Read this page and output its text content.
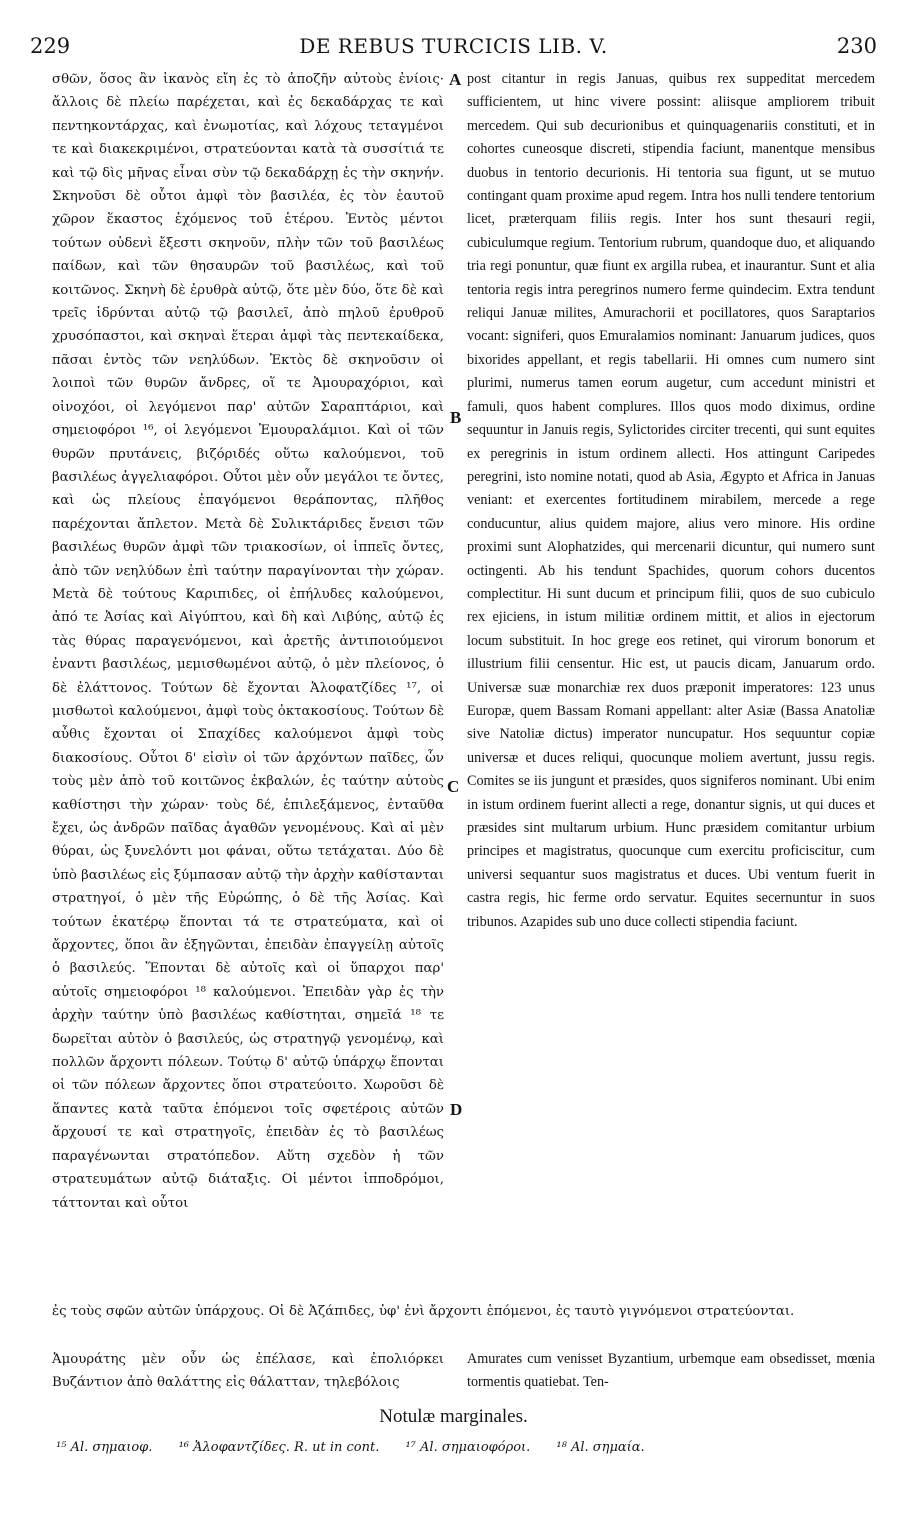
229	DE REBUS TURCICIS LIB. V.	230

σθῶν, ὅσος ἂν ἱκανὸς εἴη ἐς τὸ ἀποζῆν αὐτοὺς ἐνίοις· ἄλλοις δὲ πλείω παρέχεται, καὶ ἐς δεκαδάρχας τε καὶ πεντηκοντάρχας, καὶ ἐνωμοτίας, καὶ λόχους τεταγμένοι τε καὶ διακεκριμένοι, στρατεύονται κατὰ τὰ συσσίτιά τε καὶ τῷ δὶς μῆνας εἶναι σὺν τῷ δεκαδάρχῃ ἐς τὴν σκηνήν. Σκηνοῦσι δὲ οὗτοι ἀμφὶ τὸν βασιλέα, ἐς τὸν ἑαυτοῦ χῶρον ἕκαστος ἐχόμενος τοῦ ἑτέρου. Ἐντὸς μέντοι τούτων οὐδενὶ ἔξεστι σκηνοῦν, πλὴν τῶν τοῦ βασιλέως παίδων, καὶ τῶν θησαυρῶν τοῦ βασιλέως, καὶ τοῦ κοιτῶνος. Σκηνὴ δὲ ἐρυθρὰ αὐτῷ, ὅτε μὲν δύο, ὅτε δὲ καὶ τρεῖς ἱδρύνται αὐτῷ τῷ βασιλεῖ, ἀπὸ πηλοῦ ἐρυθροῦ χρυσόπαστοι, καὶ σκηναὶ ἕτεραι ἀμφὶ τὰς πεντεκαίδεκα, πᾶσαι ἐντὸς τῶν νεηλύδων. Ἐκτὸς δὲ σκηνοῦσιν οἱ λοιποὶ τῶν θυρῶν ἄνδρες, οἵ τε Ἀμουραχόριοι, καὶ οἰνοχόοι, οἱ λεγόμενοι παρ' αὐτῶν Σαραπτάριοι, καὶ σημειοφόροι ¹⁶, οἱ λεγόμενοι Ἐμουραλάμιοι. Καὶ οἱ τῶν θυρῶν πρυτάνεις, βιζόριδές οὕτω καλούμενοι, τοῦ βασιλέως ἀγγελιαφόροι. Οὗτοι μὲν οὖν μεγάλοι τε ὄντες, καὶ ὡς πλείους ἐπαγόμενοι θεράποντας, πλῆθος παρέχονται ἄπλετον. Μετὰ δὲ Συλικτάριδες ἔνεισι τῶν βασιλέως θυρῶν ἀμφὶ τῶν τριακοσίων, οἱ ἱππεῖς ὄντες, ἀπὸ τῶν νεηλύδων ἐπὶ ταύτην παραγίνονται τὴν χώραν. Μετὰ δὲ τούτους Καριπιδες, οἱ ἐπήλυδες καλούμενοι, ἀπό τε Ἀσίας καὶ Αἰγύπτου, καὶ δὴ καὶ Λιβύης, αὐτῷ ἐς τὰς θύρας παραγενόμενοι, καὶ ἀρετῆς ἀντιποιούμενοι ἐναντι βασιλέως, μεμισθωμένοι αὐτῷ, ὁ μὲν πλείονος, ὁ δὲ ἐλάττονος. Τούτων δὲ ἔχονται Ἀλοφατζίδες ¹⁷, οἱ μισθωτοὶ καλούμενοι, ἀμφὶ τοὺς ὀκτακοσίους. Τούτων δὲ αὖθις ἔχονται οἱ Σπαχίδες καλούμενοι ἀμφὶ τοὺς διακοσίους. Οὗτοι δ' εἰσὶν οἱ τῶν ἀρχόντων παῖδες, ὧν τοὺς μὲν ἀπὸ τοῦ κοιτῶνος ἐκβαλών, ἐς ταύτην αὐτοὺς καθίστησι τὴν χώραν· τοὺς δέ, ἐπιλεξάμενος, ἐνταῦθα ἔχει, ὡς ἀνδρῶν παῖδας ἀγαθῶν γενομένους. Καὶ αἱ μὲν θύραι, ὡς ξυνελόντι μοι φάναι, οὕτω τετάχαται. Δύο δὲ ὑπὸ βασιλέως εἰς ξύμπασαν αὐτῷ τὴν ἀρχὴν καθίστανται στρατηγοί, ὁ μὲν τῆς Εὐρώπης, ὁ δὲ τῆς Ἀσίας. Καὶ τούτων ἑκατέρῳ ἕπονται τά τε στρατεύματα, καὶ οἱ ἄρχοντες, ὅποι ἂν ἐξηγῶνται, ἐπειδὰν ἐπαγγείλῃ αὐτοῖς ὁ βασιλεύς. Ἕπονται δὲ αὐτοῖς καὶ οἱ ὕπαρχοι παρ' αὐτοῖς σημειοφόροι ¹⁸ καλούμενοι. Ἐπειδὰν γὰρ ἐς τὴν ἀρχὴν ταύτην ὑπὸ βασιλέως καθίστηται, σημεῖά ¹⁸ τε δωρεῖται αὐτὸν ὁ βασιλεύς, ὡς στρατηγῷ γενομένῳ, καὶ πολλῶν ἄρχοντι πόλεων. Τούτῳ δ' αὐτῷ ὑπάρχῳ ἕπονται οἱ τῶν πόλεων ἄρχοντες ὅποι στρατεύοιτο. Χωροῦσι δὲ ἅπαντες κατὰ ταῦτα ἑπόμενοι τοῖς σφετέροις αὐτῶν ἄρχουσί τε καὶ στρατηγοῖς, ἐπειδὰν ἐς τὸ βασιλέως παραγένωνται στρατόπεδον. Αὕτη σχεδὸν ἡ τῶν στρατευμάτων αὐτῷ διάταξις. Οἱ μέντοι ἱπποδρόμοι, τάττονται καὶ οὗτοι

A
B
C
D

post citantur in regis Januas, quibus rex suppeditat mercedem sufficientem, ut hinc vivere possint: aliisque ampliorem tribuit mercedem. Qui sub decurionibus et quinquagenariis constituti, et in cohortes cuneosque discreti, stipendia faciunt, manentque mensibus duobus in tentorio decurionis. Hi tentoria sua figunt, ut se mutuo contingant quam proxime apud regem. Intra hos nulli tendere tentorium licet, præterquam filiis regis. Inter hos sunt thesauri regii, cubiculumque regium. Tentorium rubrum, quandoque duo, et aliquando tria regi ponuntur, quæ fiunt ex argilla rubea, et inaurantur. Sunt et alia tentoria regis intra peregrinos numero ferme quindecim. Extra tendunt reliqui Januæ milites, Amurachorii et pocillatores, quos Saraptarios vocant: signiferi, quos Emuralamios nominant: Januarum judices, quos bixorides appellant, et regis tabellarii. Hi omnes cum numero sint plurimi, numerus tamen eorum augetur, cum accedunt ministri et famuli, quos habent complures. Illos quos modo diximus, ordine sequuntur in Januis regis, Sylictorides circiter trecenti, qui sunt equites ex peregrinis in istum ordinem allecti. Hos attingunt Caripedes peregrini, isto nomine notati, quod ab Asia, Ægypto et Africa in Januas veniant: et exercentes fortitudinem mirabilem, mercede a rege conducuntur, alius quidem majore, alius vero minore. His ordine proximi sunt Alophatzides, qui mercenarii dicuntur, qui numero sunt octingenti. Ab his tendunt Spachides, quorum cohors ducentos complectitur. Hi sunt ducum et principum filii, quos de suo cubiculo rex ejiciens, in istum militiæ ordinem mittit, et alios in ejectorum locum substituit. In hoc grege eos retinet, qui virorum bonorum et illustrium filii censentur. Hic est, ut paucis dicam, Januarum ordo. Universæ suæ monarchiæ rex duos præponit imperatores: 123 unus Europæ, quem Bassam Romani appellant: alter Asiæ (Bassa Anatoliæ sive Natoliæ dictus) imperator nuncupatur. Hos sequuntur copiæ universæ et duces reliqui, quocunque moliem avertunt, jussu regis. Comites se iis jungunt et præsides, quos signiferos nominant. Ubi enim in istum ordinem fuerint allecti a rege, donantur signis, ut qui duces et præsides sint multarum urbium. Hunc præsidem comitantur urbium principes et magistratus, quocunque cum exercitu proficiscitur, cum universi sequantur suos magistratus et duces. Ubi ventum fuerit in castra regis, hic ferme ordo servatur. Equites secernuntur in suos tribunos. Azapides sub uno duce collecti stipendia faciunt.

ἐς τοὺς σφῶν αὐτῶν ὑπάρχους. Οἱ δὲ Ἀζάπιδες, ὑφ' ἑνὶ ἄρχοντι ἑπόμενοι, ἐς ταυτὸ γιγνόμενοι στρατεύονται.
Ἀμουράτης μὲν οὖν ὡς ἐπέλασε, καὶ ἐπολιόρκει Βυζάντιον ἀπὸ θαλάττης εἰς θάλατταν, τηλεβόλοις
Amurates cum venisset Byzantium, urbemque eam obsedisset, mœnia tormentis quatiebat. Ten-
Notulæ marginales.
¹⁵ Al. σημαιοφ. ¹⁶ Ἀλοφαντζίδες. R. ut in cont. ¹⁷ Al. σημαιοφόροι. ¹⁸ Al. σημαία.
